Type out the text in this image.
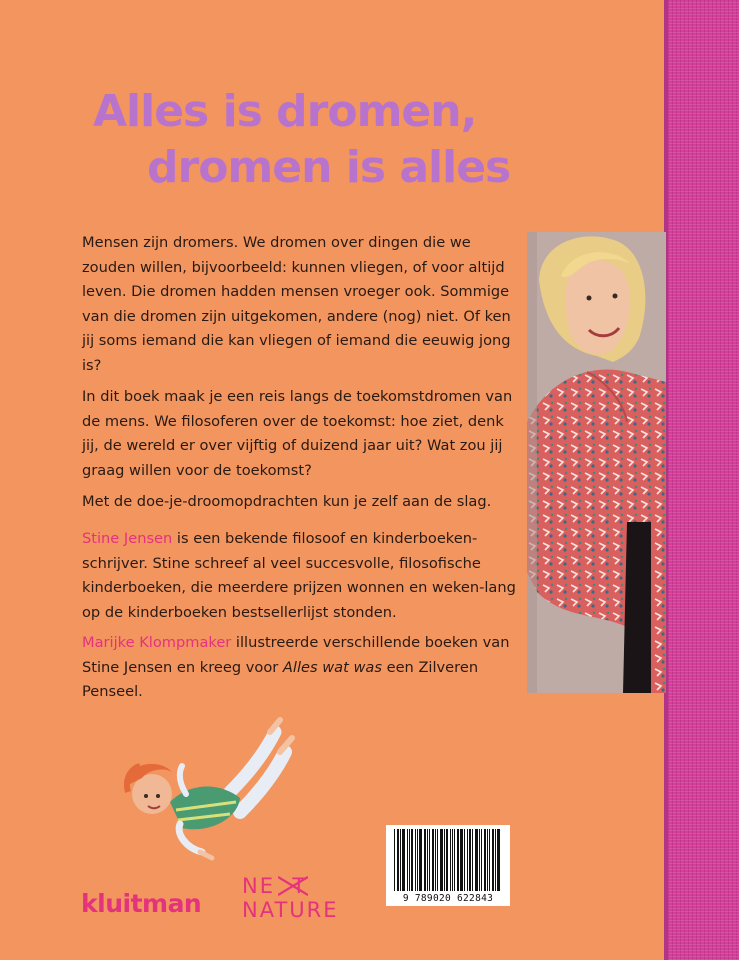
Alles is dromen,
dromen is alles
Mensen zijn dromers. We dromen over dingen die we zouden willen, bijvoorbeeld: kunnen vliegen, of voor altijd leven. Die dromen hadden mensen vroeger ook. Sommige van die dromen zijn uitgekomen, andere (nog) niet. Of ken jij soms iemand die kan vliegen of iemand die eeuwig jong is?
In dit boek maak je een reis langs de toekomstdromen van de mens. We filosoferen over de toekomst: hoe ziet, denk jij, de wereld er over vijftig of duizend jaar uit? Wat zou jij graag willen voor de toekomst?
Met de doe-je-droomopdrachten kun je zelf aan de slag.
Stine Jensen is een bekende filosoof en kinderboeken-schrijver. Stine schreef al veel succesvolle, filosofische kinderboeken, die meerdere prijzen wonnen en weken-lang op de kinderboeken bestsellerlijst stonden.
Marijke Klompmaker illustreerde verschillende boeken van Stine Jensen en kreeg voor Alles wat was een Zilveren Penseel.
9 789020 622843
kluitman
NE  T
NATURE
